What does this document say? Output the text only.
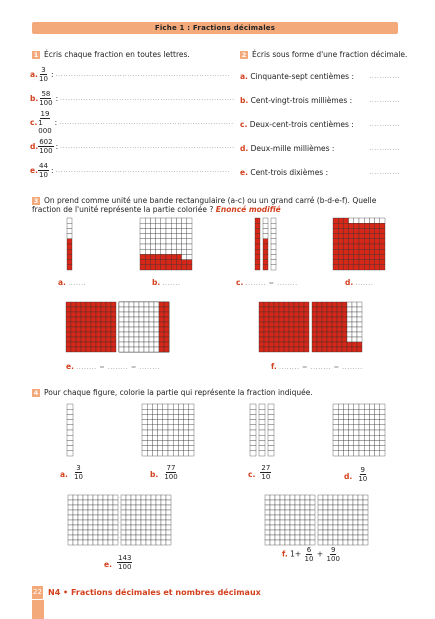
Fiche 1 : Fractions décimales
1 Écris chaque fraction en toutes lettres.
a. $\frac{3}{10}$ : ....................................................................
b. $\frac{58}{100}$ : ....................................................................
c. $\frac{19}{1 000}$ : ....................................................................
d. $\frac{602}{100}$ : ....................................................................
e. $\frac{44}{10}$ : ....................................................................
2 Écris sous forme d'une fraction décimale.
a. Cinquante-sept centièmes : ............
b. Cent-vingt-trois millièmes :	............
c. Deux-cent-trois centièmes : ............
d. Deux-mille millièmes :	............
e. Cent-trois dixièmes :	............
3 On prend comme unité une bande rectangulaire (a-c) ou un grand carré (b-d-e-f). Quelle fraction de l'unité représente la partie coloriée ? Enoncé modifié
a. .......	b. .......	c. ........ = ........	d. .......
e. ........ = ........ = ........	f. ........ = ........ = ........
4 Pour chaque figure, colorie la partie qui représente la fraction indiquée.
a. $\frac{3}{10}$	b. $\frac{77}{100}$	c. $\frac{27}{10}$	d. $\frac{9}{10}$
e. $\frac{143}{100}$	f. $1+ \frac{6}{10} + \frac{9}{100}$
22 N4 • Fractions décimales et nombres décimaux
